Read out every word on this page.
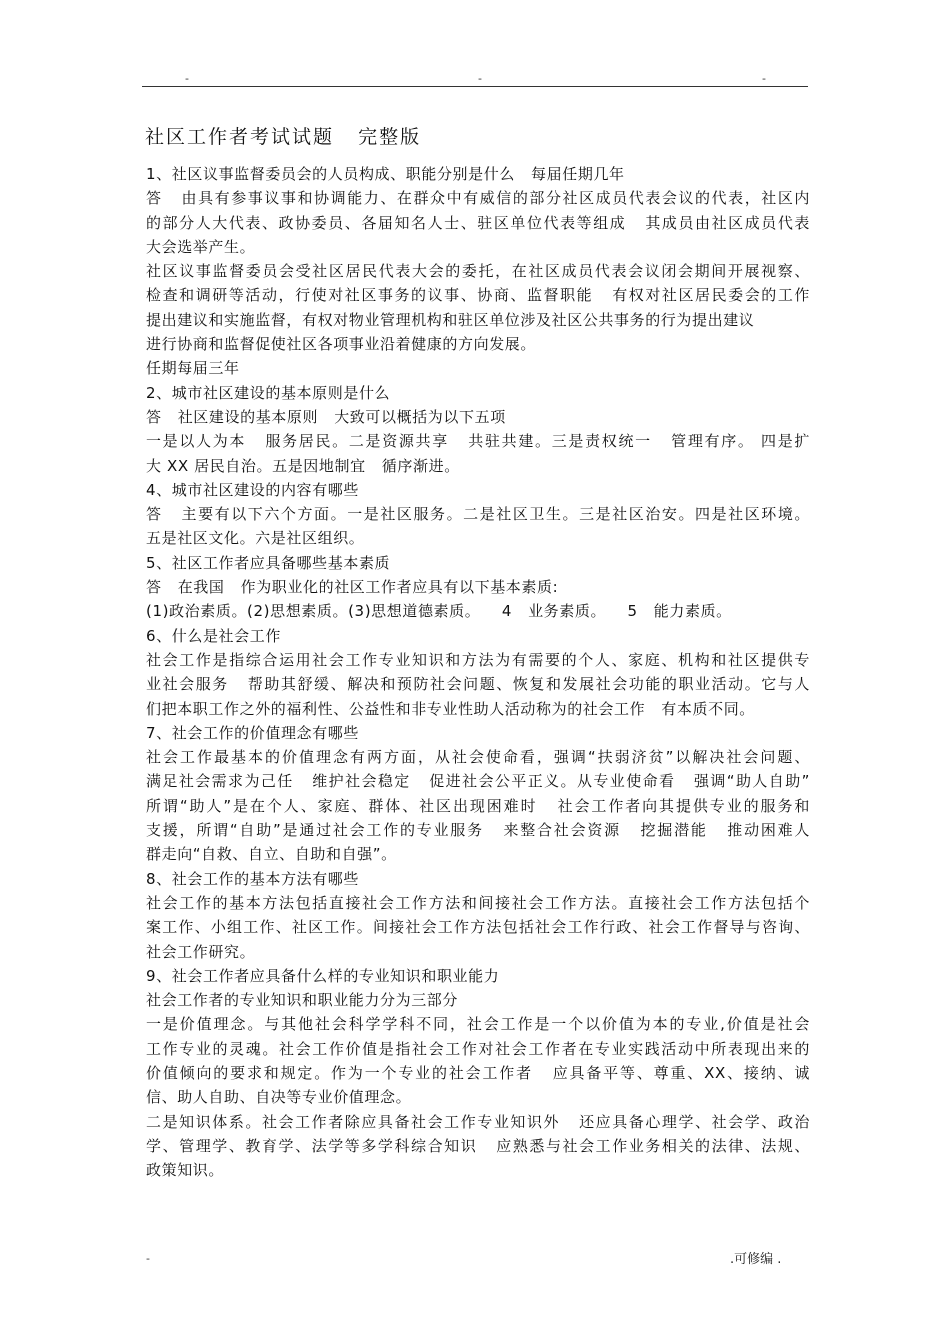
-	-	-
社区工作者考试试题   完整版
1、社区议事监督委员会的人员构成、职能分别是什么   每届任期几年
答   由具有参事议事和协调能力、在群众中有威信的部分社区成员代表会议的代表，社区内
的部分人大代表、政协委员、各届知名人士、驻区单位代表等组成   其成员由社区成员代表
大会选举产生。
社区议事监督委员会受社区居民代表大会的委托，在社区成员代表会议闭会期间开展视察、
检查和调研等活动，行使对社区事务的议事、协商、监督职能   有权对社区居民委会的工作
提出建议和实施监督，有权对物业管理机构和驻区单位涉及社区公共事务的行为提出建议
进行协商和监督促使社区各项事业沿着健康的方向发展。
任期每届三年
2、城市社区建设的基本原则是什么
答   社区建设的基本原则   大致可以概括为以下五项
一是以人为本   服务居民。二是资源共享   共驻共建。三是责权统一   管理有序。 四是扩
大 XX 居民自治。五是因地制宜   循序渐进。
4、城市社区建设的内容有哪些
答   主要有以下六个方面。一是社区服务。二是社区卫生。三是社区治安。四是社区环境。
五是社区文化。六是社区组织。
5、社区工作者应具备哪些基本素质
答   在我国   作为职业化的社区工作者应具有以下基本素质:
(1)政治素质。(2)思想素质。(3)思想道德素质。    4   业务素质。    5   能力素质。
6、什么是社会工作
社会工作是指综合运用社会工作专业知识和方法为有需要的个人、家庭、机构和社区提供专
业社会服务   帮助其舒缓、解决和预防社会问题、恢复和发展社会功能的职业活动。它与人
们把本职工作之外的福利性、公益性和非专业性助人活动称为的社会工作   有本质不同。
7、社会工作的价值理念有哪些
社会工作最基本的价值理念有两方面，从社会使命看，强调“扶弱济贫”以解决社会问题、
满足社会需求为己任   维护社会稳定   促进社会公平正义。从专业使命看   强调“助人自助”
所谓“助人”是在个人、家庭、群体、社区出现困难时   社会工作者向其提供专业的服务和
支援，所谓“自助”是通过社会工作的专业服务   来整合社会资源   挖掘潜能   推动困难人
群走向“自救、自立、自助和自强”。
8、社会工作的基本方法有哪些
社会工作的基本方法包括直接社会工作方法和间接社会工作方法。直接社会工作方法包括个
案工作、小组工作、社区工作。间接社会工作方法包括社会工作行政、社会工作督导与咨询、
社会工作研究。
9、社会工作者应具备什么样的专业知识和职业能力
社会工作者的专业知识和职业能力分为三部分
一是价值理念。与其他社会科学学科不同，社会工作是一个以价值为本的专业,价值是社会
工作专业的灵魂。社会工作价值是指社会工作对社会工作者在专业实践活动中所表现出来的
价值倾向的要求和规定。作为一个专业的社会工作者   应具备平等、尊重、XX、接纳、诚
信、助人自助、自决等专业价值理念。
二是知识体系。社会工作者除应具备社会工作专业知识外   还应具备心理学、社会学、政治
学、管理学、教育学、法学等多学科综合知识   应熟悉与社会工作业务相关的法律、法规、
政策知识。
-	.可修编 .
